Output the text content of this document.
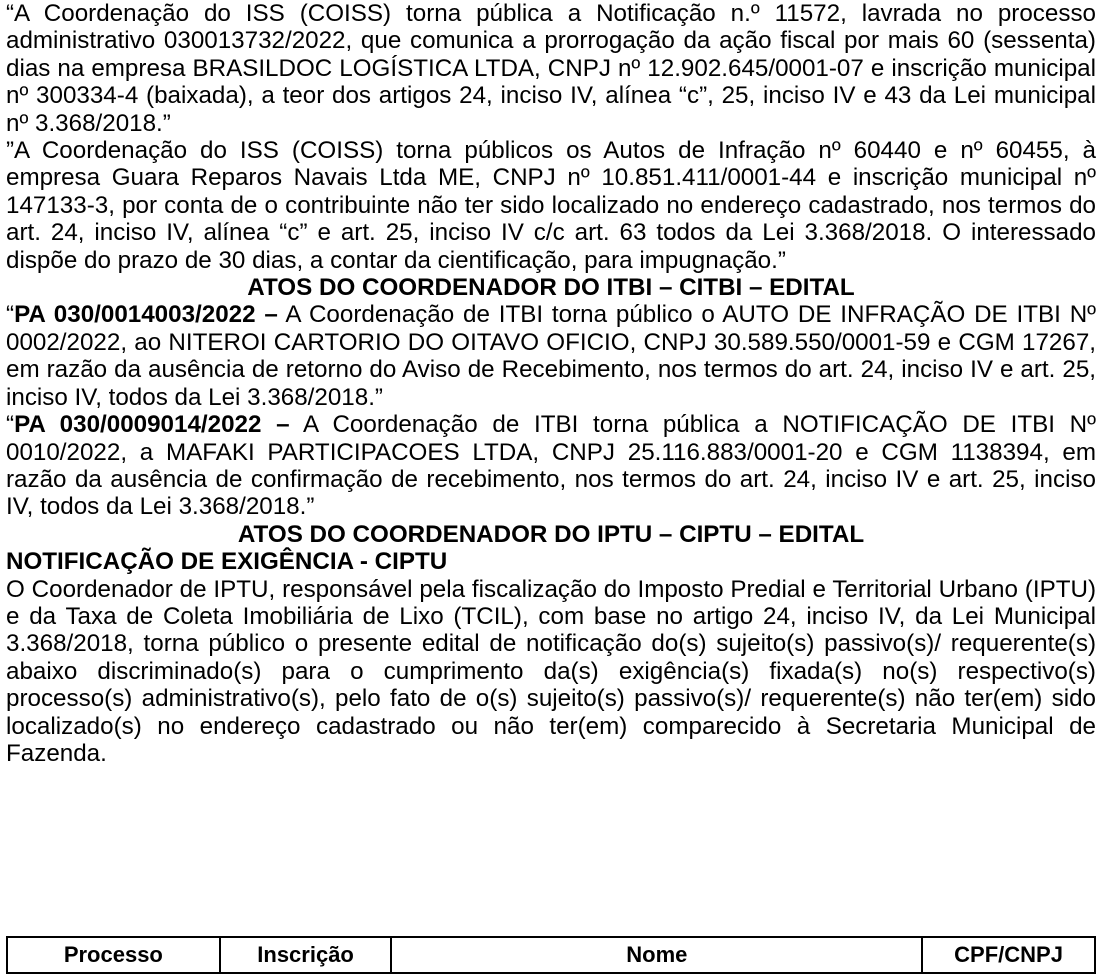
“A Coordenação do ISS (COISS) torna pública a Notificação n.º 11572, lavrada no processo administrativo 030013732/2022, que comunica a prorrogação da ação fiscal por mais 60 (sessenta) dias na empresa BRASILDOC LOGÍSTICA LTDA, CNPJ nº 12.902.645/0001-07 e inscrição municipal nº 300334-4 (baixada), a teor dos artigos 24, inciso IV, alínea “c”, 25, inciso IV e 43 da Lei municipal nº 3.368/2018.”

”A Coordenação do ISS (COISS) torna públicos os Autos de Infração nº 60440 e nº 60455, à empresa Guara Reparos Navais Ltda ME, CNPJ nº 10.851.411/0001-44 e inscrição municipal nº 147133-3, por conta de o contribuinte não ter sido localizado no endereço cadastrado, nos termos do art. 24, inciso IV, alínea “c” e art. 25, inciso IV c/c art. 63 todos da Lei 3.368/2018. O interessado dispõe do prazo de 30 dias, a contar da cientificação, para impugnação.”

ATOS DO COORDENADOR DO ITBI – CITBI – EDITAL

“PA 030/0014003/2022 – A Coordenação de ITBI torna público o AUTO DE INFRAÇÃO DE ITBI Nº 0002/2022, ao NITEROI CARTORIO DO OITAVO OFICIO, CNPJ 30.589.550/0001-59 e CGM 17267, em razão da ausência de retorno do Aviso de Recebimento, nos termos do art. 24, inciso IV e art. 25, inciso IV, todos da Lei 3.368/2018.”

“PA 030/0009014/2022 – A Coordenação de ITBI torna pública a NOTIFICAÇÃO DE ITBI Nº 0010/2022, a MAFAKI PARTICIPACOES LTDA, CNPJ 25.116.883/0001-20 e CGM 1138394, em razão da ausência de confirmação de recebimento, nos termos do art. 24, inciso IV e art. 25, inciso IV, todos da Lei 3.368/2018.”

ATOS DO COORDENADOR DO IPTU – CIPTU – EDITAL

NOTIFICAÇÃO DE EXIGÊNCIA - CIPTU

O Coordenador de IPTU, responsável pela fiscalização do Imposto Predial e Territorial Urbano (IPTU) e da Taxa de Coleta Imobiliária de Lixo (TCIL), com base no artigo 24, inciso IV, da Lei Municipal 3.368/2018, torna público o presente edital de notificação do(s) sujeito(s) passivo(s)/ requerente(s) abaixo discriminado(s) para o cumprimento da(s) exigência(s) fixada(s) no(s) respectivo(s) processo(s) administrativo(s), pelo fato de o(s) sujeito(s) passivo(s)/ requerente(s) não ter(em) sido localizado(s) no endereço cadastrado ou não ter(em) comparecido à Secretaria Municipal de Fazenda.

Processo	Inscrição	Nome	CPF/CNPJ
